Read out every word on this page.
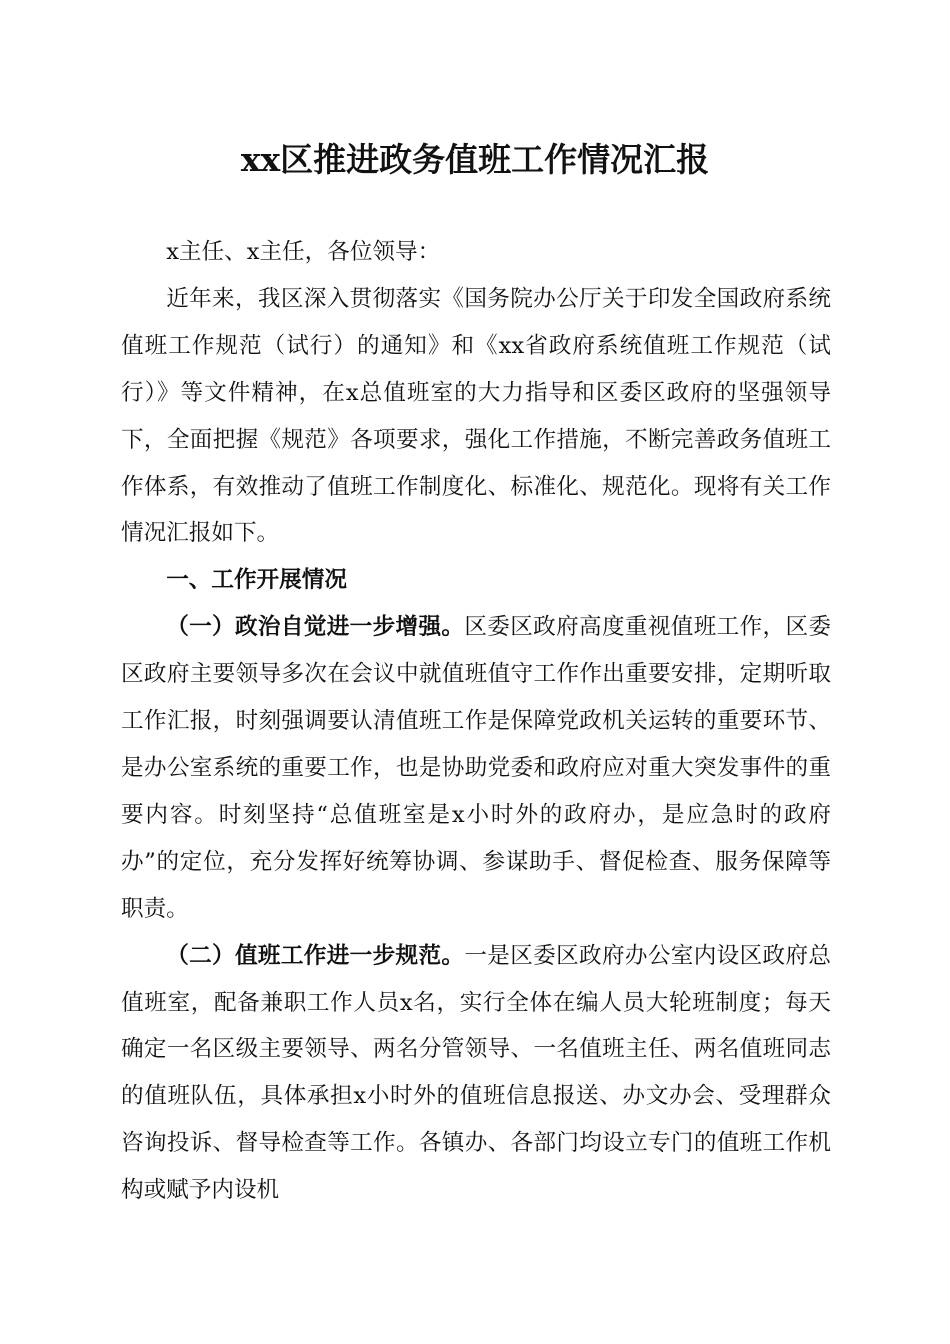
xx区推进政务值班工作情况汇报

x主任、x主任，各位领导：

近年来，我区深入贯彻落实《国务院办公厅关于印发全国政府系统值班工作规范（试行）的通知》和《xx省政府系统值班工作规范（试行）》等文件精神，在x总值班室的大力指导和区委区政府的坚强领导下，全面把握《规范》各项要求，强化工作措施，不断完善政务值班工作体系，有效推动了值班工作制度化、标准化、规范化。现将有关工作情况汇报如下。

一、工作开展情况

（一）政治自觉进一步增强。区委区政府高度重视值班工作，区委区政府主要领导多次在会议中就值班值守工作作出重要安排，定期听取工作汇报，时刻强调要认清值班工作是保障党政机关运转的重要环节、是办公室系统的重要工作，也是协助党委和政府应对重大突发事件的重要内容。时刻坚持“总值班室是x小时外的政府办，是应急时的政府办”的定位，充分发挥好统筹协调、参谋助手、督促检查、服务保障等职责。

（二）值班工作进一步规范。一是区委区政府办公室内设区政府总值班室，配备兼职工作人员x名，实行全体在编人员大轮班制度；每天确定一名区级主要领导、两名分管领导、一名值班主任、两名值班同志的值班队伍，具体承担x小时外的值班信息报送、办文办会、受理群众咨询投诉、督导检查等工作。各镇办、各部门均设立专门的值班工作机构或赋予内设机
